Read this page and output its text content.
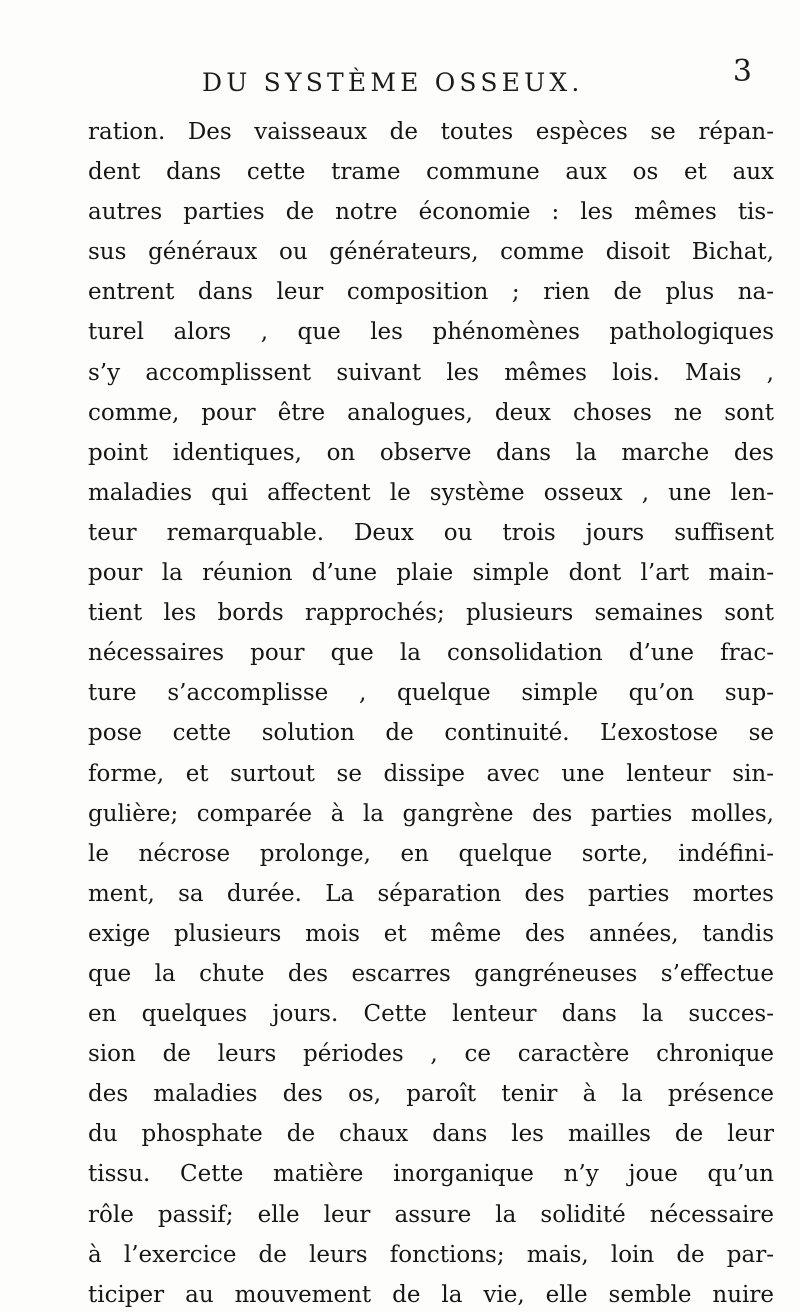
DU SYSTÈME OSSEUX.	3
ration. Des vaisseaux de toutes espèces se répan-
dent dans cette trame commune aux os et aux
autres parties de notre économie : les mêmes tis-
sus généraux ou générateurs, comme disoit Bichat,
entrent dans leur composition ; rien de plus na-
turel alors , que les phénomènes pathologiques
s’y accomplissent suivant les mêmes lois. Mais ,
comme, pour être analogues, deux choses ne sont
point identiques, on observe dans la marche des
maladies qui affectent le système osseux , une len-
teur remarquable. Deux ou trois jours suffisent
pour la réunion d’une plaie simple dont l’art main-
tient les bords rapprochés; plusieurs semaines sont
nécessaires pour que la consolidation d’une frac-
ture s’accomplisse , quelque simple qu’on sup-
pose cette solution de continuité. L’exostose se
forme, et surtout se dissipe avec une lenteur sin-
gulière; comparée à la gangrène des parties molles,
le nécrose prolonge, en quelque sorte, indéfini-
ment, sa durée. La séparation des parties mortes
exige plusieurs mois et même des années, tandis
que la chute des escarres gangréneuses s’effectue
en quelques jours. Cette lenteur dans la succes-
sion de leurs périodes , ce caractère chronique
des maladies des os, paroît tenir à la présence
du phosphate de chaux dans les mailles de leur
tissu. Cette matière inorganique n’y joue qu’un
rôle passif; elle leur assure la solidité nécessaire
à l’exercice de leurs fonctions; mais, loin de par-
ticiper au mouvement de la vie, elle semble nuire
